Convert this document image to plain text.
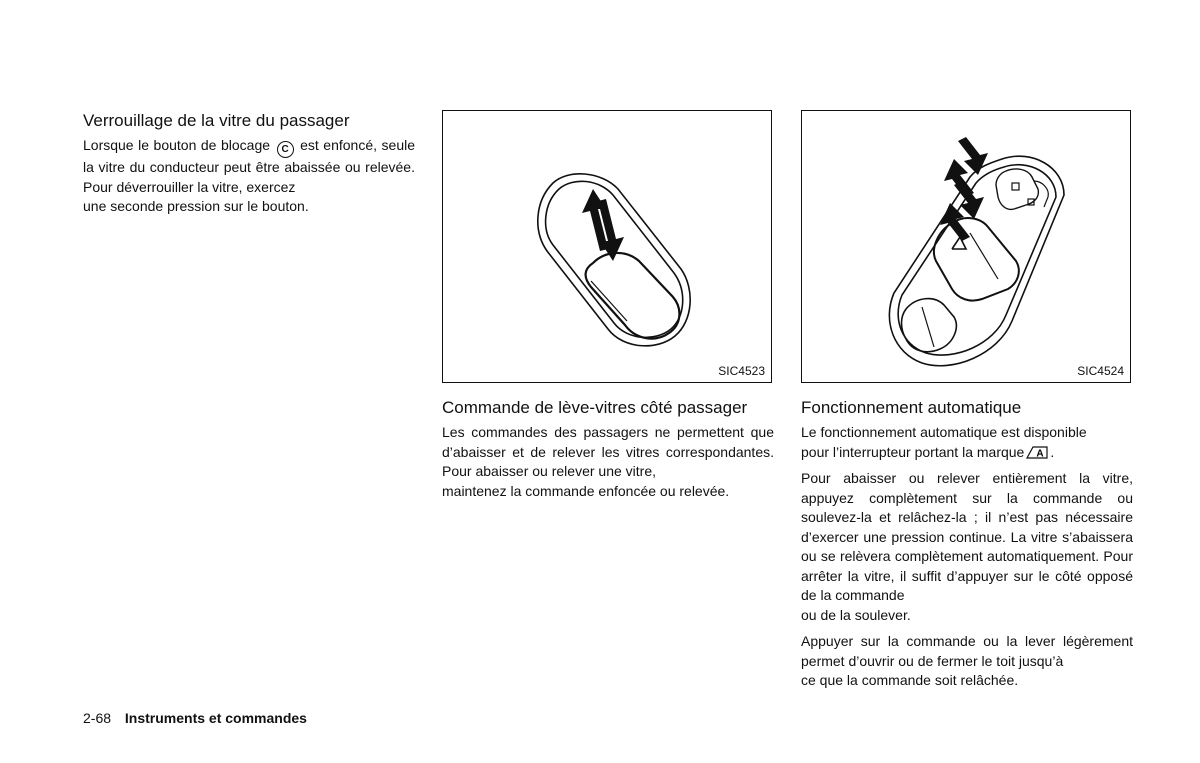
Verrouillage de la vitre du passager

Lorsque le bouton de blocage C est enfoncé, seule la vitre du conducteur peut être abaissée ou relevée. Pour déverrouiller la vitre, exercez
une seconde pression sur le bouton.

SIC4523
Commande de lève-vitres côté passager

Les commandes des passagers ne permettent que d’abaisser et de relever les vitres correspondantes. Pour abaisser ou relever une vitre,
maintenez la commande enfoncée ou relevée.

SIC4524
Fonctionnement automatique

Le fonctionnement automatique est disponible
pour l’interrupteur portant la marque A .

Pour abaisser ou relever entièrement la vitre, appuyez complètement sur la commande ou soulevez-la et relâchez-la ; il n’est pas nécessaire d’exercer une pression continue. La vitre s’abaissera ou se relèvera complètement automatiquement. Pour arrêter la vitre, il suffit d’appuyer sur le côté opposé de la commande
ou de la soulever.

Appuyer sur la commande ou la lever légèrement permet d’ouvrir ou de fermer le toit jusqu’à
ce que la commande soit relâchée.

2-68 Instruments et commandes
